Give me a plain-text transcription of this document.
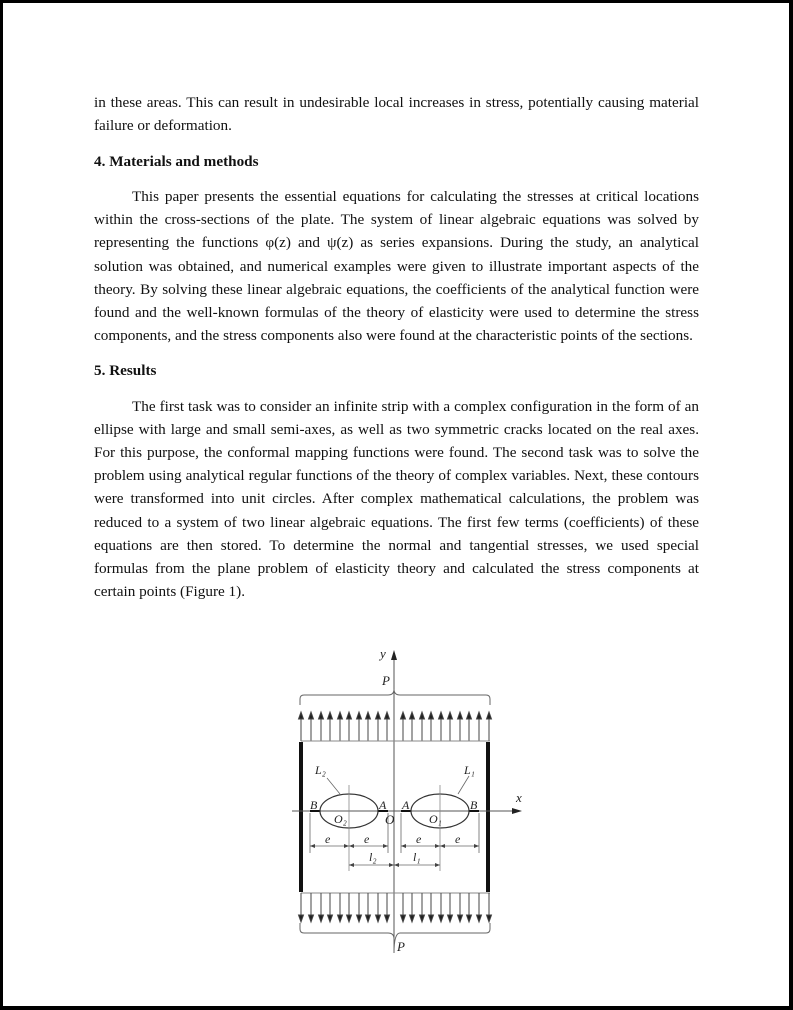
in these areas. This can result in undesirable local increases in stress, potentially causing material failure or deformation.

4. Materials and methods

This paper presents the essential equations for calculating the stresses at critical locations within the cross-sections of the plate. The system of linear algebraic equations was solved by representing the functions φ(z) and ψ(z) as series expansions. During the study, an analytical solution was obtained, and numerical examples were given to illustrate important aspects of the theory. By solving these linear algebraic equations, the coefficients of the analytical function were found and the well-known formulas of the theory of elasticity were used to determine the stress components, and the stress components also were found at the characteristic points of the sections.

5. Results

The first task was to consider an infinite strip with a complex configuration in the form of an ellipse with large and small semi-axes, as well as two symmetric cracks located on the real axes. For this purpose, the conformal mapping functions were found. The second task was to solve the problem using analytical regular functions of the theory of complex variables. Next, these contours were transformed into unit circles. After complex mathematical calculations, the problem was reduced to a system of two linear algebraic equations. The first few terms (coefficients) of these equations are then stored. To determine the normal and tangential stresses, we used special formulas from the plane problem of elasticity theory and calculated the stress components at certain points (Figure 1).

y
P
x
L₂	L₁
B	A A	B
O₂	O₁
O
e	e	e	e
l₂	l₁
P
